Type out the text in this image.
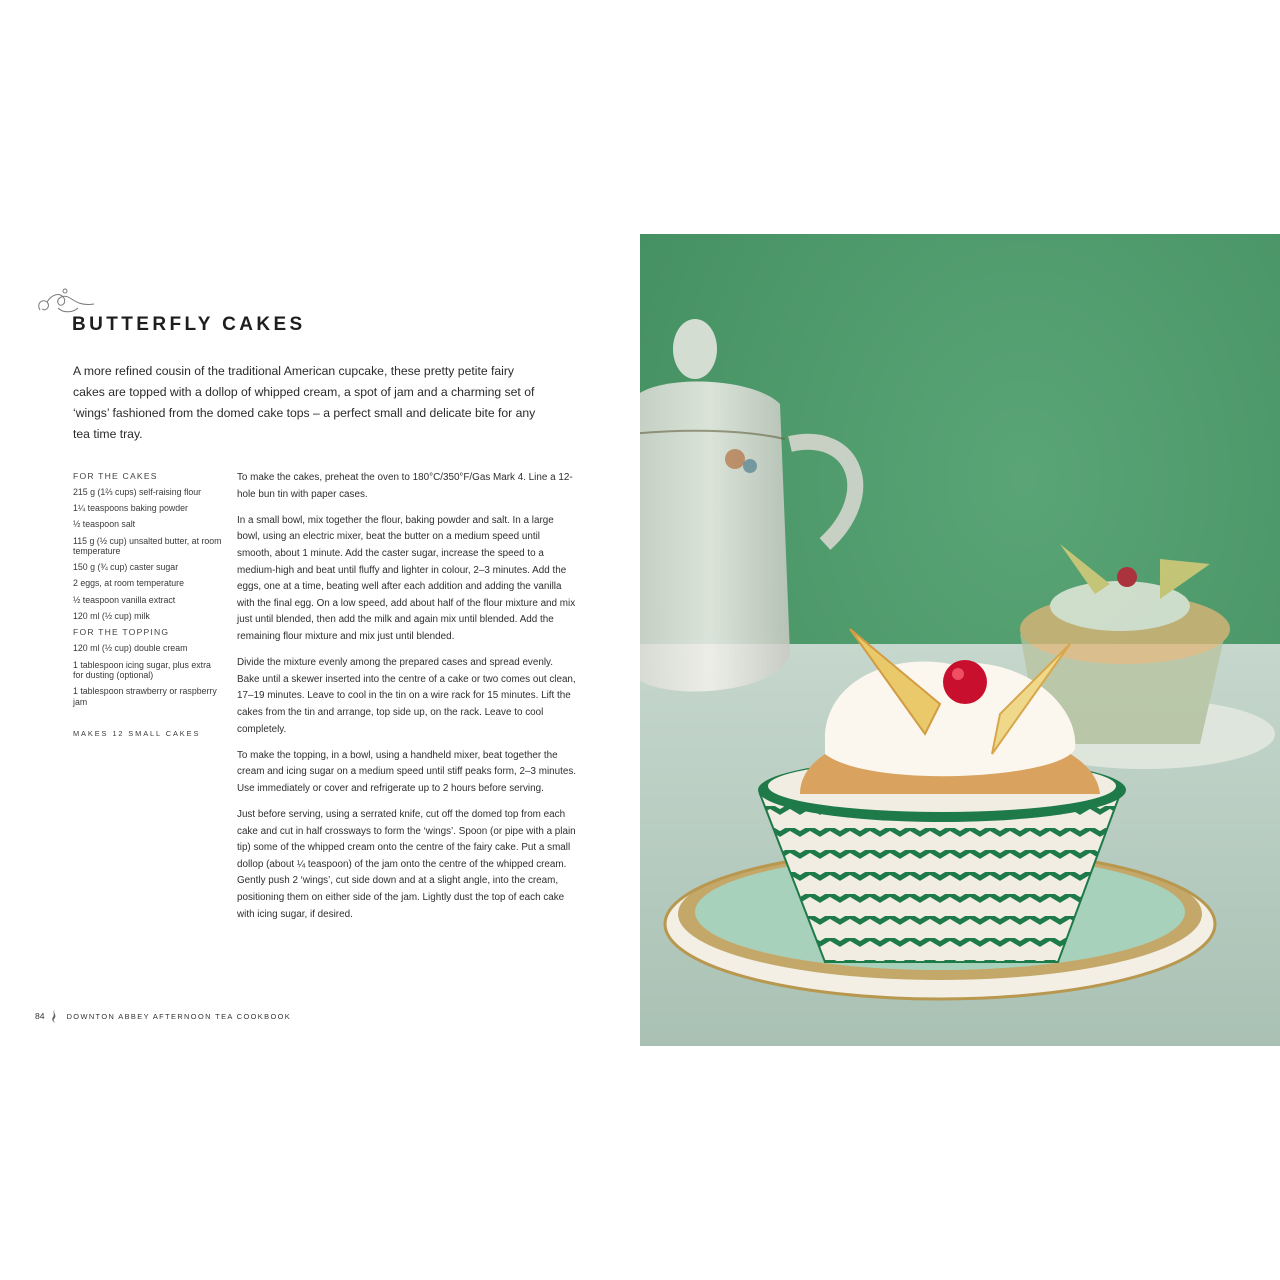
BUTTERFLY CAKES

A more refined cousin of the traditional American cupcake, these pretty petite fairy cakes are topped with a dollop of whipped cream, a spot of jam and a charming set of ‘wings’ fashioned from the domed cake tops – a perfect small and delicate bite for any tea time tray.

FOR THE CAKES
215 g (1⅔ cups) self-raising flour
1¼ teaspoons baking powder
½ teaspoon salt
115 g (½ cup) unsalted butter, at room temperature
150 g (¾ cup) caster sugar
2 eggs, at room temperature
½ teaspoon vanilla extract
120 ml (½ cup) milk
FOR THE TOPPING
120 ml (½ cup) double cream
1 tablespoon icing sugar, plus extra for dusting (optional)
1 tablespoon strawberry or raspberry jam
MAKES 12 SMALL CAKES

To make the cakes, preheat the oven to 180°C/350°F/Gas Mark 4. Line a 12-hole bun tin with paper cases.

In a small bowl, mix together the flour, baking powder and salt. In a large bowl, using an electric mixer, beat the butter on a medium speed until smooth, about 1 minute. Add the caster sugar, increase the speed to a medium-high and beat until fluffy and lighter in colour, 2–3 minutes. Add the eggs, one at a time, beating well after each addition and adding the vanilla with the final egg. On a low speed, add about half of the flour mixture and mix just until blended, then add the milk and again mix until blended. Add the remaining flour mixture and mix just until blended.

Divide the mixture evenly among the prepared cases and spread evenly. Bake until a skewer inserted into the centre of a cake or two comes out clean, 17–19 minutes. Leave to cool in the tin on a wire rack for 15 minutes. Lift the cakes from the tin and arrange, top side up, on the rack. Leave to cool completely.

To make the topping, in a bowl, using a handheld mixer, beat together the cream and icing sugar on a medium speed until stiff peaks form, 2–3 minutes. Use immediately or cover and refrigerate up to 2 hours before serving.

Just before serving, using a serrated knife, cut off the domed top from each cake and cut in half crossways to form the ‘wings’. Spoon (or pipe with a plain tip) some of the whipped cream onto the centre of the fairy cake. Put a small dollop (about ¼ teaspoon) of the jam onto the centre of the whipped cream. Gently push 2 ‘wings’, cut side down and at a slight angle, into the cream, positioning them on either side of the jam. Lightly dust the top of each cake with icing sugar, if desired.

84	DOWNTON ABBEY AFTERNOON TEA COOKBOOK
